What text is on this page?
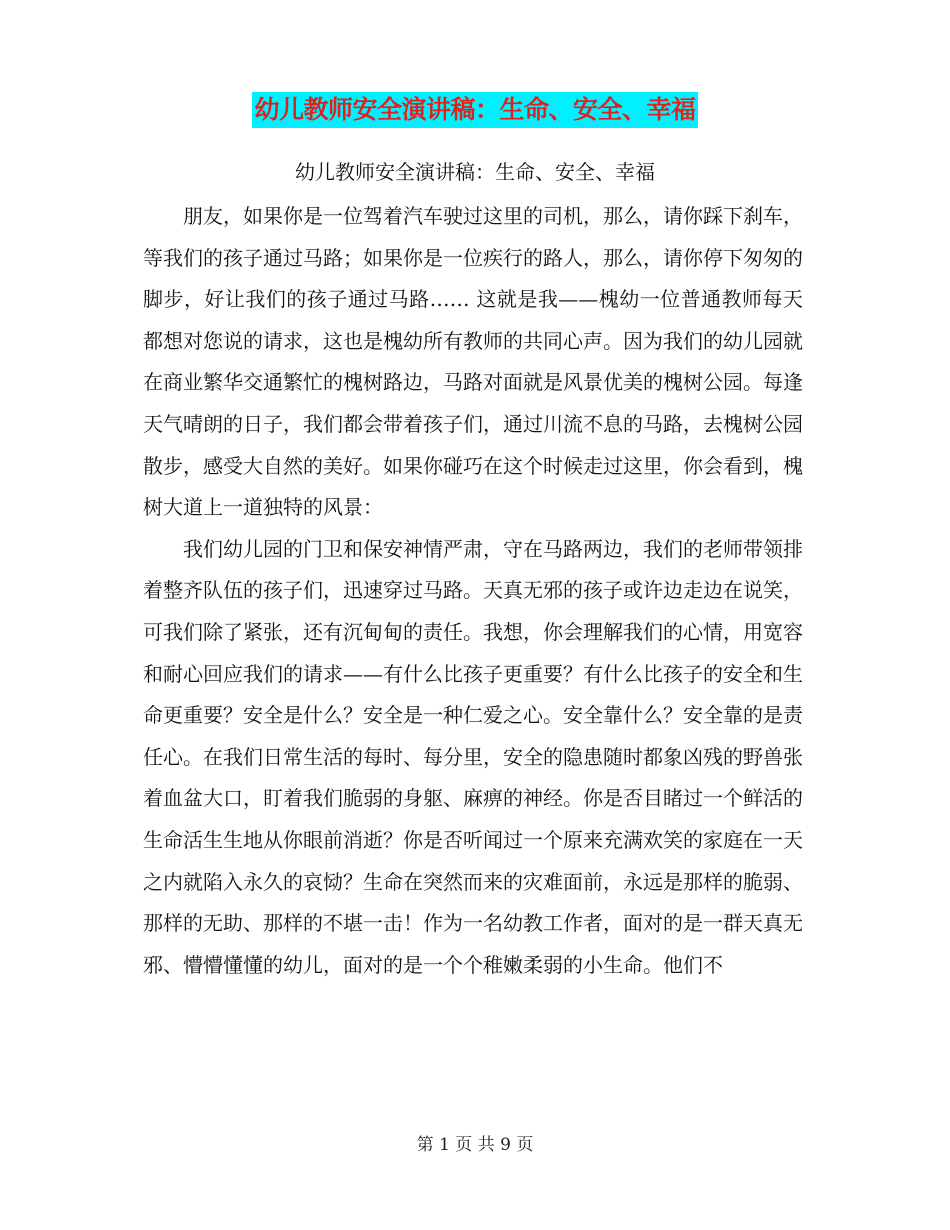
幼儿教师安全演讲稿：生命、安全、幸福
幼儿教师安全演讲稿：生命、安全、幸福

朋友，如果你是一位驾着汽车驶过这里的司机，那么，请你踩下刹车，等我们的孩子通过马路；如果你是一位疾行的路人，那么，请你停下匆匆的脚步，好让我们的孩子通过马路…… 这就是我——槐幼一位普通教师每天都想对您说的请求，这也是槐幼所有教师的共同心声。因为我们的幼儿园就在商业繁华交通繁忙的槐树路边，马路对面就是风景优美的槐树公园。每逢天气晴朗的日子，我们都会带着孩子们，通过川流不息的马路，去槐树公园散步，感受大自然的美好。如果你碰巧在这个时候走过这里，你会看到，槐树大道上一道独特的风景：

我们幼儿园的门卫和保安神情严肃，守在马路两边，我们的老师带领排着整齐队伍的孩子们，迅速穿过马路。天真无邪的孩子或许边走边在说笑，可我们除了紧张，还有沉甸甸的责任。我想，你会理解我们的心情，用宽容和耐心回应我们的请求——有什么比孩子更重要？有什么比孩子的安全和生命更重要？安全是什么？安全是一种仁爱之心。安全靠什么？安全靠的是责任心。在我们日常生活的每时、每分里，安全的隐患随时都象凶残的野兽张着血盆大口，盯着我们脆弱的身躯、麻痹的神经。你是否目睹过一个鲜活的生命活生生地从你眼前消逝？你是否听闻过一个原来充满欢笑的家庭在一天之内就陷入永久的哀恸？生命在突然而来的灾难面前，永远是那样的脆弱、那样的无助、那样的不堪一击！作为一名幼教工作者，面对的是一群天真无邪、懵懵懂懂的幼儿，面对的是一个个稚嫩柔弱的小生命。他们不

第 1 页 共 9 页
